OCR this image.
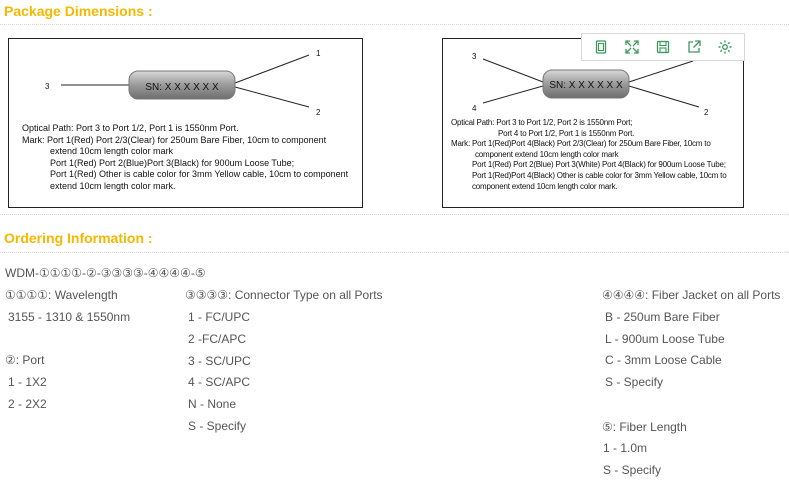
Package Dimensions :
SN: X X X X X X
3
1
2
Optical Path: Port 3 to Port 1/2, Port 1 is 1550nm Port.
Mark: Port 1(Red) Port 2/3(Clear) for 250um Bare Fiber, 10cm to component
extend 10cm length color mark
Port 1(Red) Port 2(Blue)Port 3(Black) for 900um Loose Tube;
Port 1(Red) Other is cable color for 3mm Yellow cable, 10cm to component
extend 10cm length color mark.
SN: X X X X X X
3
4	2
Optical Path: Port 3 to Port 1/2, Port 2 is 1550nm Port;
Port 4 to Port 1/2, Port 1 is 1550nm Port.
Mark: Port 1(Red)Port 4(Black) Port 2/3(Clear) for 250um Bare Fiber, 10cm to
component extend 10cm length color mark
Port 1(Red) Port 2(Blue) Port 3(White) Port 4(Black) for 900um Loose Tube;
Port 1(Red)Port 4(Black) Other is cable color for 3mm Yellow cable, 10cm to
component extend 10cm length color mark.
Ordering Information :
WDM-①①①①-②-③③③③-④④④④-⑤
①①①①: Wavelength
3155 - 1310 & 1550nm
②: Port
1 - 1X2
2 - 2X2
③③③③: Connector Type on all Ports
1 - FC/UPC
2 -FC/APC
3 - SC/UPC
4 - SC/APC
N - None
S - Specify
④④④④: Fiber Jacket on all Ports
B - 250um Bare Fiber
L - 900um Loose Tube
C - 3mm Loose Cable
S - Specify
⑤: Fiber Length
1 - 1.0m
S - Specify
